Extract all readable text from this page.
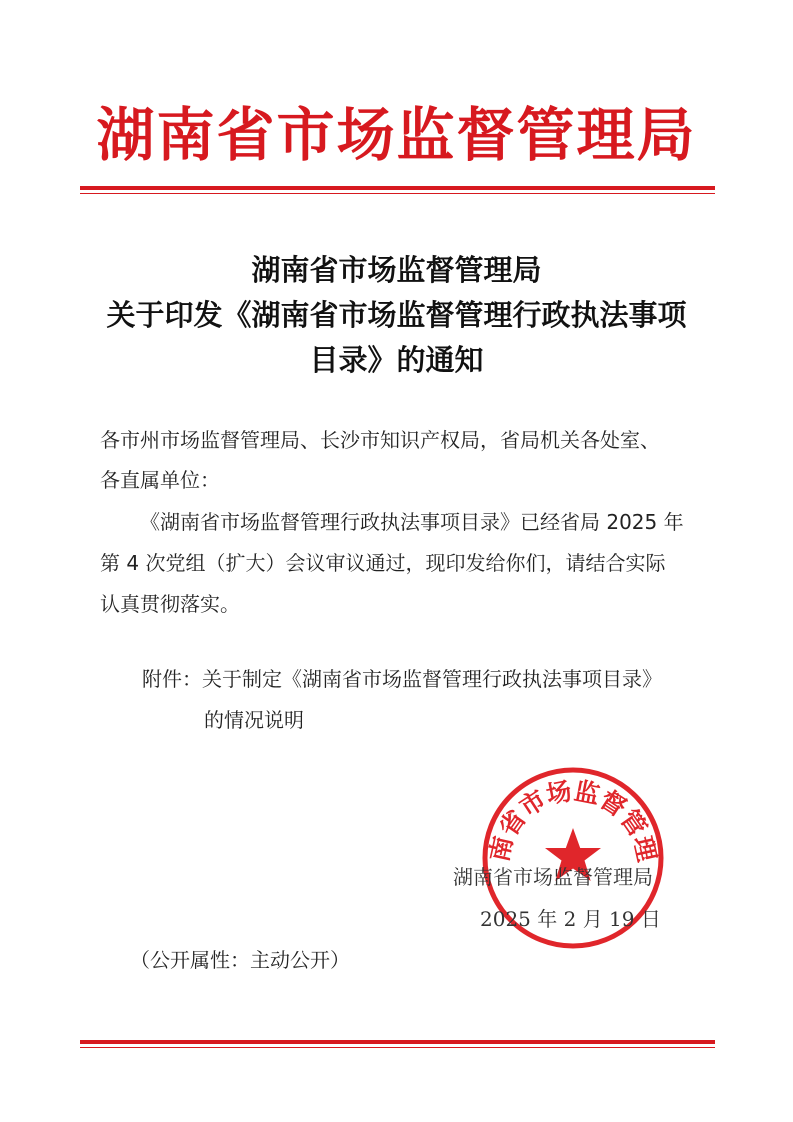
湖南省市场监督管理局
湖南省市场监督管理局
关于印发《湖南省市场监督管理行政执法事项
目录》的通知
各市州市场监督管理局、长沙市知识产权局，省局机关各处室、
各直属单位：
《湖南省市场监督管理行政执法事项目录》已经省局 2025 年
第 4 次党组（扩大）会议审议通过，现印发给你们，请结合实际
认真贯彻落实。
附件：关于制定《湖南省市场监督管理行政执法事项目录》
的情况说明
南省市场监督管理
湖南省市场监督管理局
2025 年 2 月 19 日
（公开属性：主动公开）
